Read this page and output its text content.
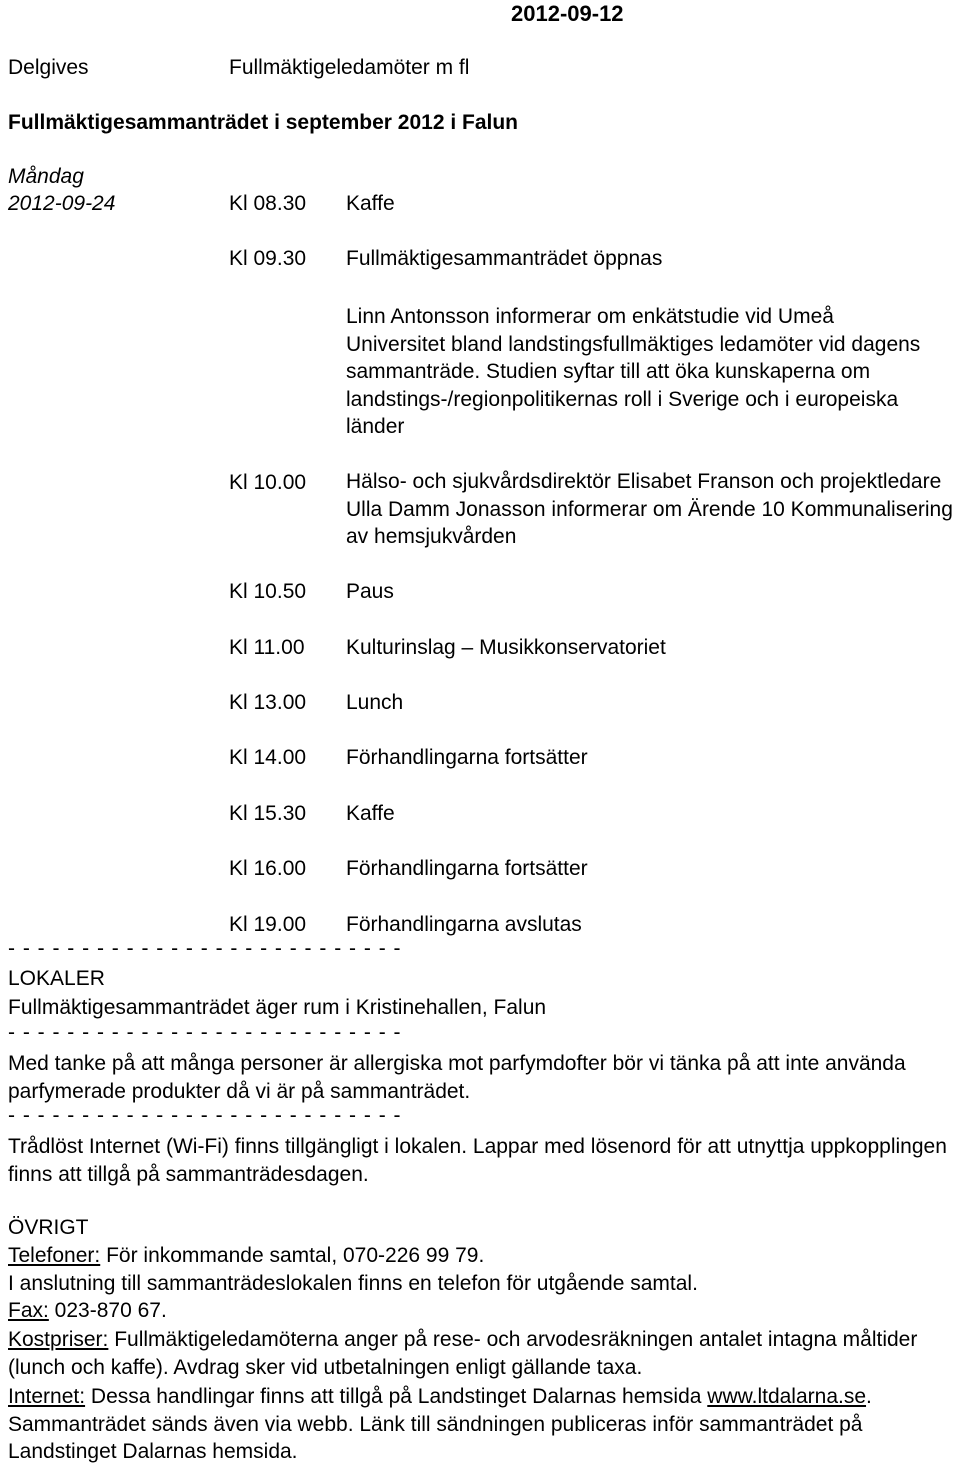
2012-09-12
Delgives	Fullmäktigeledamöter m fl
Fullmäktigesammanträdet i september 2012 i Falun
Måndag
2012-09-24	Kl 08.30 Kaffe
Kl 09.30 Fullmäktigesammanträdet öppnas
Linn Antonsson informerar om enkätstudie vid Umeå Universitet bland landstingsfullmäktiges ledamöter vid dagens sammanträde. Studien syftar till att öka kunskaperna om landstings-/regionpolitikernas roll i Sverige och i europeiska länder
Kl 10.00 Hälso- och sjukvårdsdirektör Elisabet Franson och projektledare Ulla Damm Jonasson informerar om Ärende 10 Kommunalisering av hemsjukvården
Kl 10.50 Paus
Kl 11.00 Kulturinslag – Musikkonservatoriet
Kl 13.00 Lunch
Kl 14.00 Förhandlingarna fortsätter
Kl 15.30 Kaffe
Kl 16.00 Förhandlingarna fortsätter
Kl 19.00 Förhandlingarna avslutas
- - - - - - - - - - - - - - - - - - - - - - - - - - -
LOKALER
Fullmäktigesammanträdet äger rum i Kristinehallen, Falun
- - - - - - - - - - - - - - - - - - - - - - - - - - -
Med tanke på att många personer är allergiska mot parfymdofter bör vi tänka på att inte använda parfymerade produkter då vi är på sammanträdet.
- - - - - - - - - - - - - - - - - - - - - - - - - - -
Trådlöst Internet (Wi-Fi) finns tillgängligt i lokalen. Lappar med lösenord för att utnyttja uppkopplingen finns att tillgå på sammanträdesdagen.
ÖVRIGT
Telefoner: För inkommande samtal, 070-226 99 79.
I anslutning till sammanträdeslokalen finns en telefon för utgående samtal.
Fax: 023-870 67.
Kostpriser: Fullmäktigeledamöterna anger på rese- och arvodesräkningen antalet intagna måltider (lunch och kaffe). Avdrag sker vid utbetalningen enligt gällande taxa.
Internet: Dessa handlingar finns att tillgå på Landstinget Dalarnas hemsida www.ltdalarna.se. Sammanträdet sänds även via webb. Länk till sändningen publiceras inför sammanträdet på Landstinget Dalarnas hemsida.
